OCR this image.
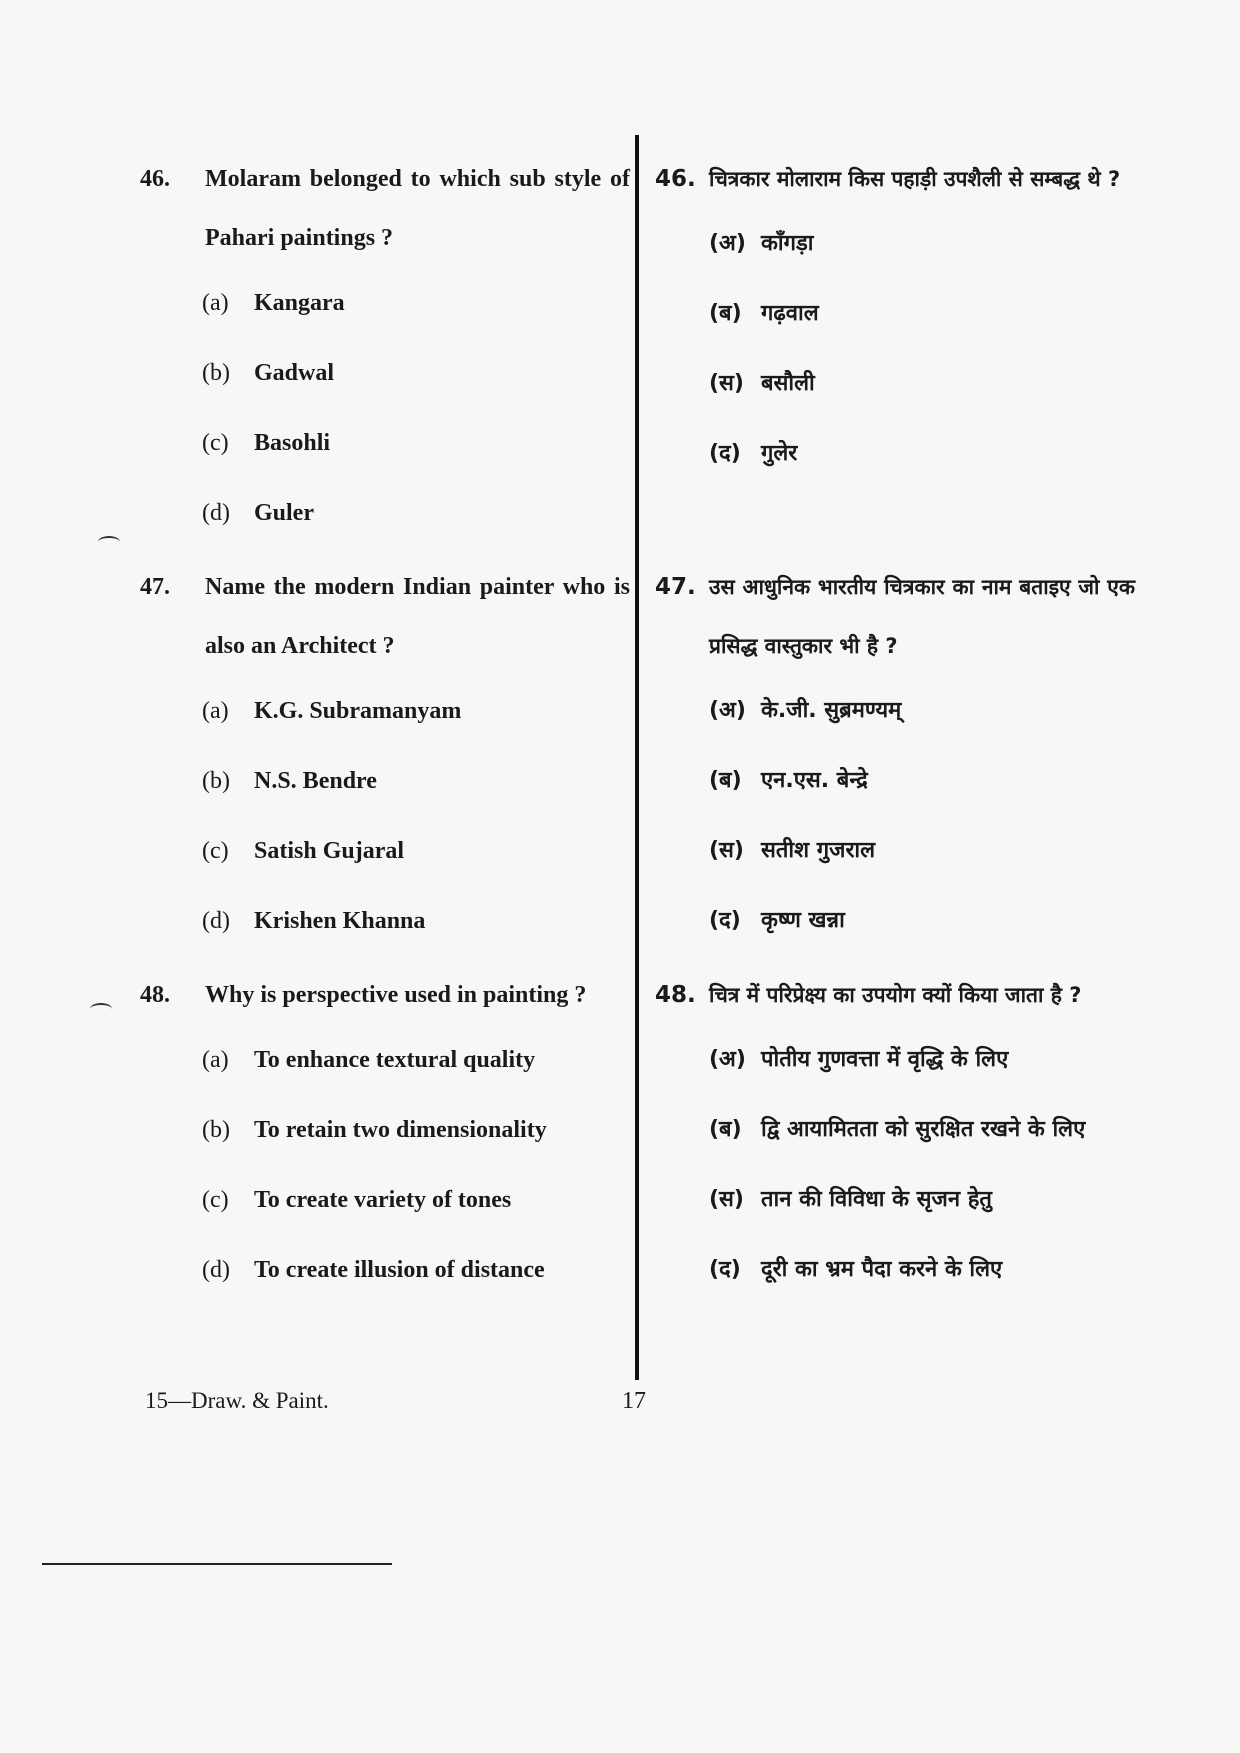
46.	Molaram belonged to which sub style of Pahari paintings ?
(a) Kangara
(b) Gadwal
(c) Basohli
(d) Guler
47.	Name the modern Indian painter who is also an Architect ?
(a) K.G. Subramanyam
(b) N.S. Bendre
(c) Satish Gujaral
(d) Krishen Khanna
48.	Why is perspective used in painting ?
(a) To enhance textural quality
(b) To retain two dimensionality
(c) To create variety of tones
(d) To create illusion of distance
46. चित्रकार मोलाराम किस पहाड़ी उपशैली से सम्बद्ध थे ?
(अ) काँगड़ा
(ब) गढ़वाल
(स) बसौली
(द) गुलेर
47. उस आधुनिक भारतीय चित्रकार का नाम बताइए जो एक प्रसिद्ध वास्तुकार भी है ?
(अ) के.जी. सुब्रमण्यम्
(ब) एन.एस. बेन्द्रे
(स) सतीश गुजराल
(द) कृष्ण खन्ना
48. चित्र में परिप्रेक्ष्य का उपयोग क्यों किया जाता है ?
(अ) पोतीय गुणवत्ता में वृद्धि के लिए
(ब) द्वि आयामितता को सुरक्षित रखने के लिए
(स) तान की विविधा के सृजन हेतु
(द) दूरी का भ्रम पैदा करने के लिए
15—Draw. & Paint.	17
